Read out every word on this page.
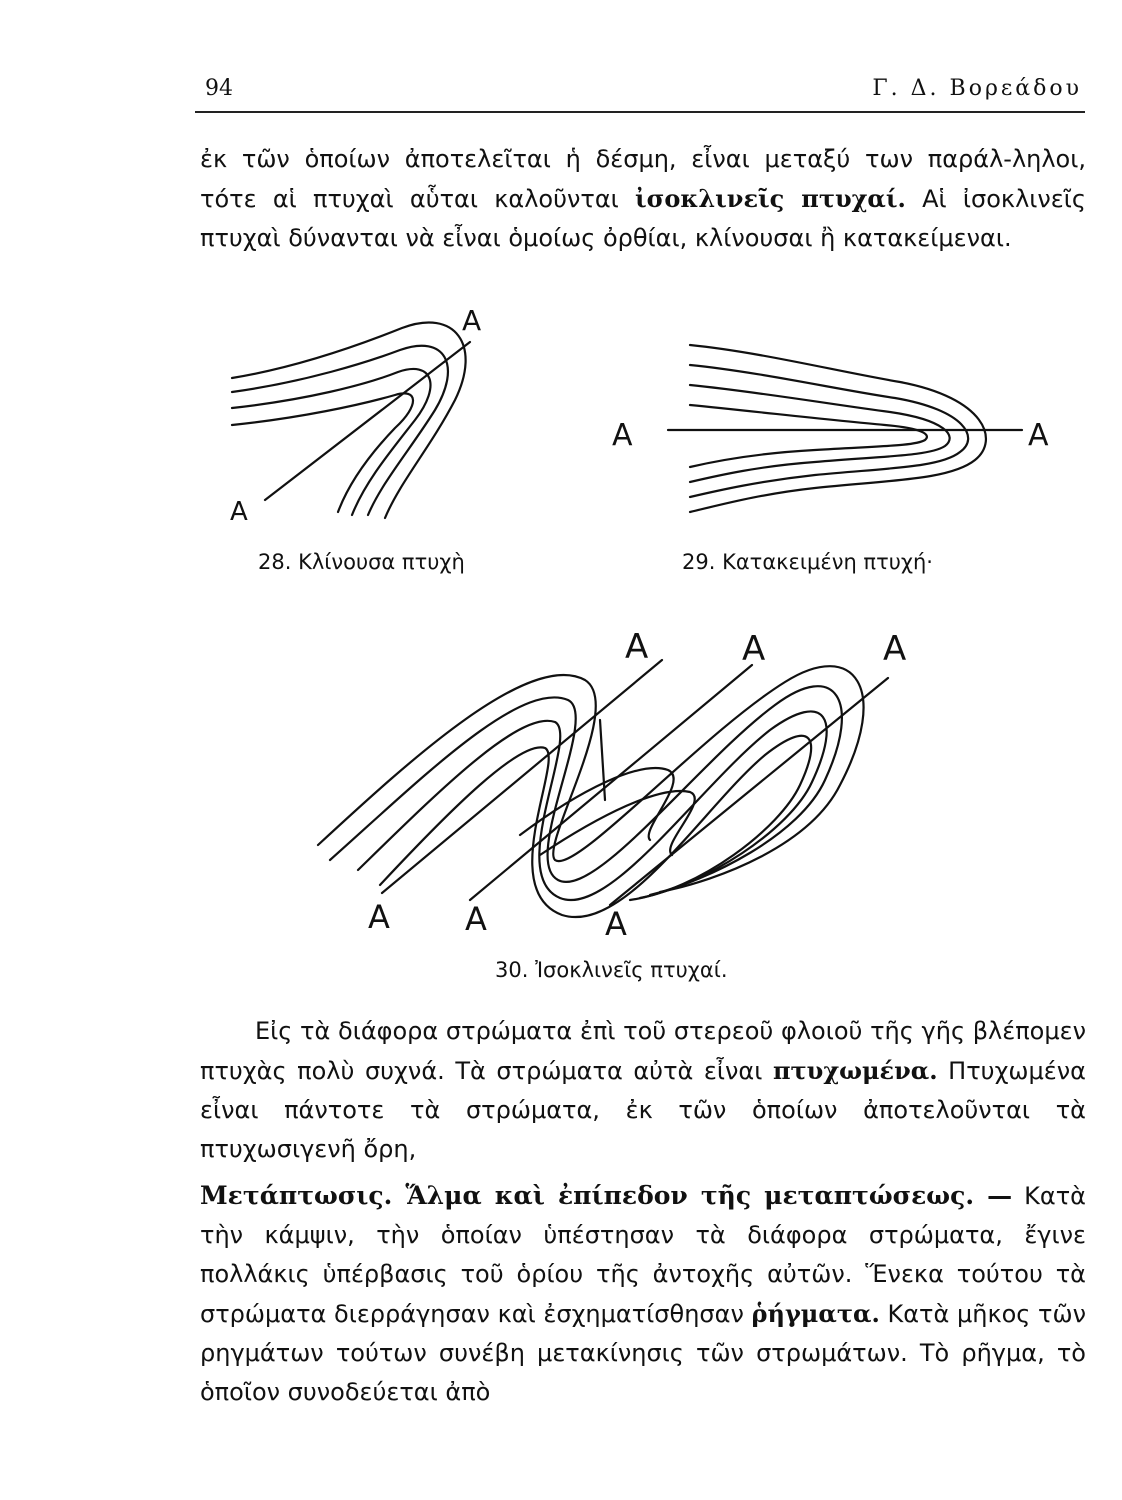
94	Γ. Δ. Βορεάδου

ἐκ τῶν ὁποίων ἀποτελεῖται ἡ δέσμη, εἶναι μεταξύ των παράλ-ληλοι, τότε αἱ πτυχαὶ αὗται καλοῦνται ἰσοκλινεῖς πτυχαί. Αἱ ἰσοκλινεῖς πτυχαὶ δύνανται νὰ εἶναι ὁμοίως ὀρθίαι, κλίνουσαι ἢ κατακείμεναι.

A
A
A	A
A	A	A
A A	A
28. Κλίνουσα πτυχὴ	29. Κατακειμένη πτυχή·
30. Ἰσοκλινεῖς πτυχαί.

Εἰς τὰ διάφορα στρώματα ἐπὶ τοῦ στερεοῦ φλοιοῦ τῆς γῆς βλέπομεν πτυχὰς πολὺ συχνά. Τὰ στρώματα αὐτὰ εἶναι πτυχωμένα. Πτυχωμένα εἶναι πάντοτε τὰ στρώματα, ἐκ τῶν ὁποίων ἀποτελοῦνται τὰ πτυχωσιγενῆ ὄρη,

Μετάπτωσις. Ἅλμα καὶ ἐπίπεδον τῆς μεταπτώσεως. — Κατὰ τὴν κάμψιν, τὴν ὁποίαν ὑπέστησαν τὰ διάφορα στρώματα, ἔγινε πολλάκις ὑπέρβασις τοῦ ὁρίου τῆς ἀντοχῆς αὐτῶν. Ἕνεκα τούτου τὰ στρώματα διερράγησαν καὶ ἐσχηματίσθησαν ῥήγματα. Κατὰ μῆκος τῶν ρηγμάτων τούτων συνέβη μετακίνησις τῶν στρωμάτων. Τὸ ρῆγμα, τὸ ὁποῖον συνοδεύεται ἀπὸ
